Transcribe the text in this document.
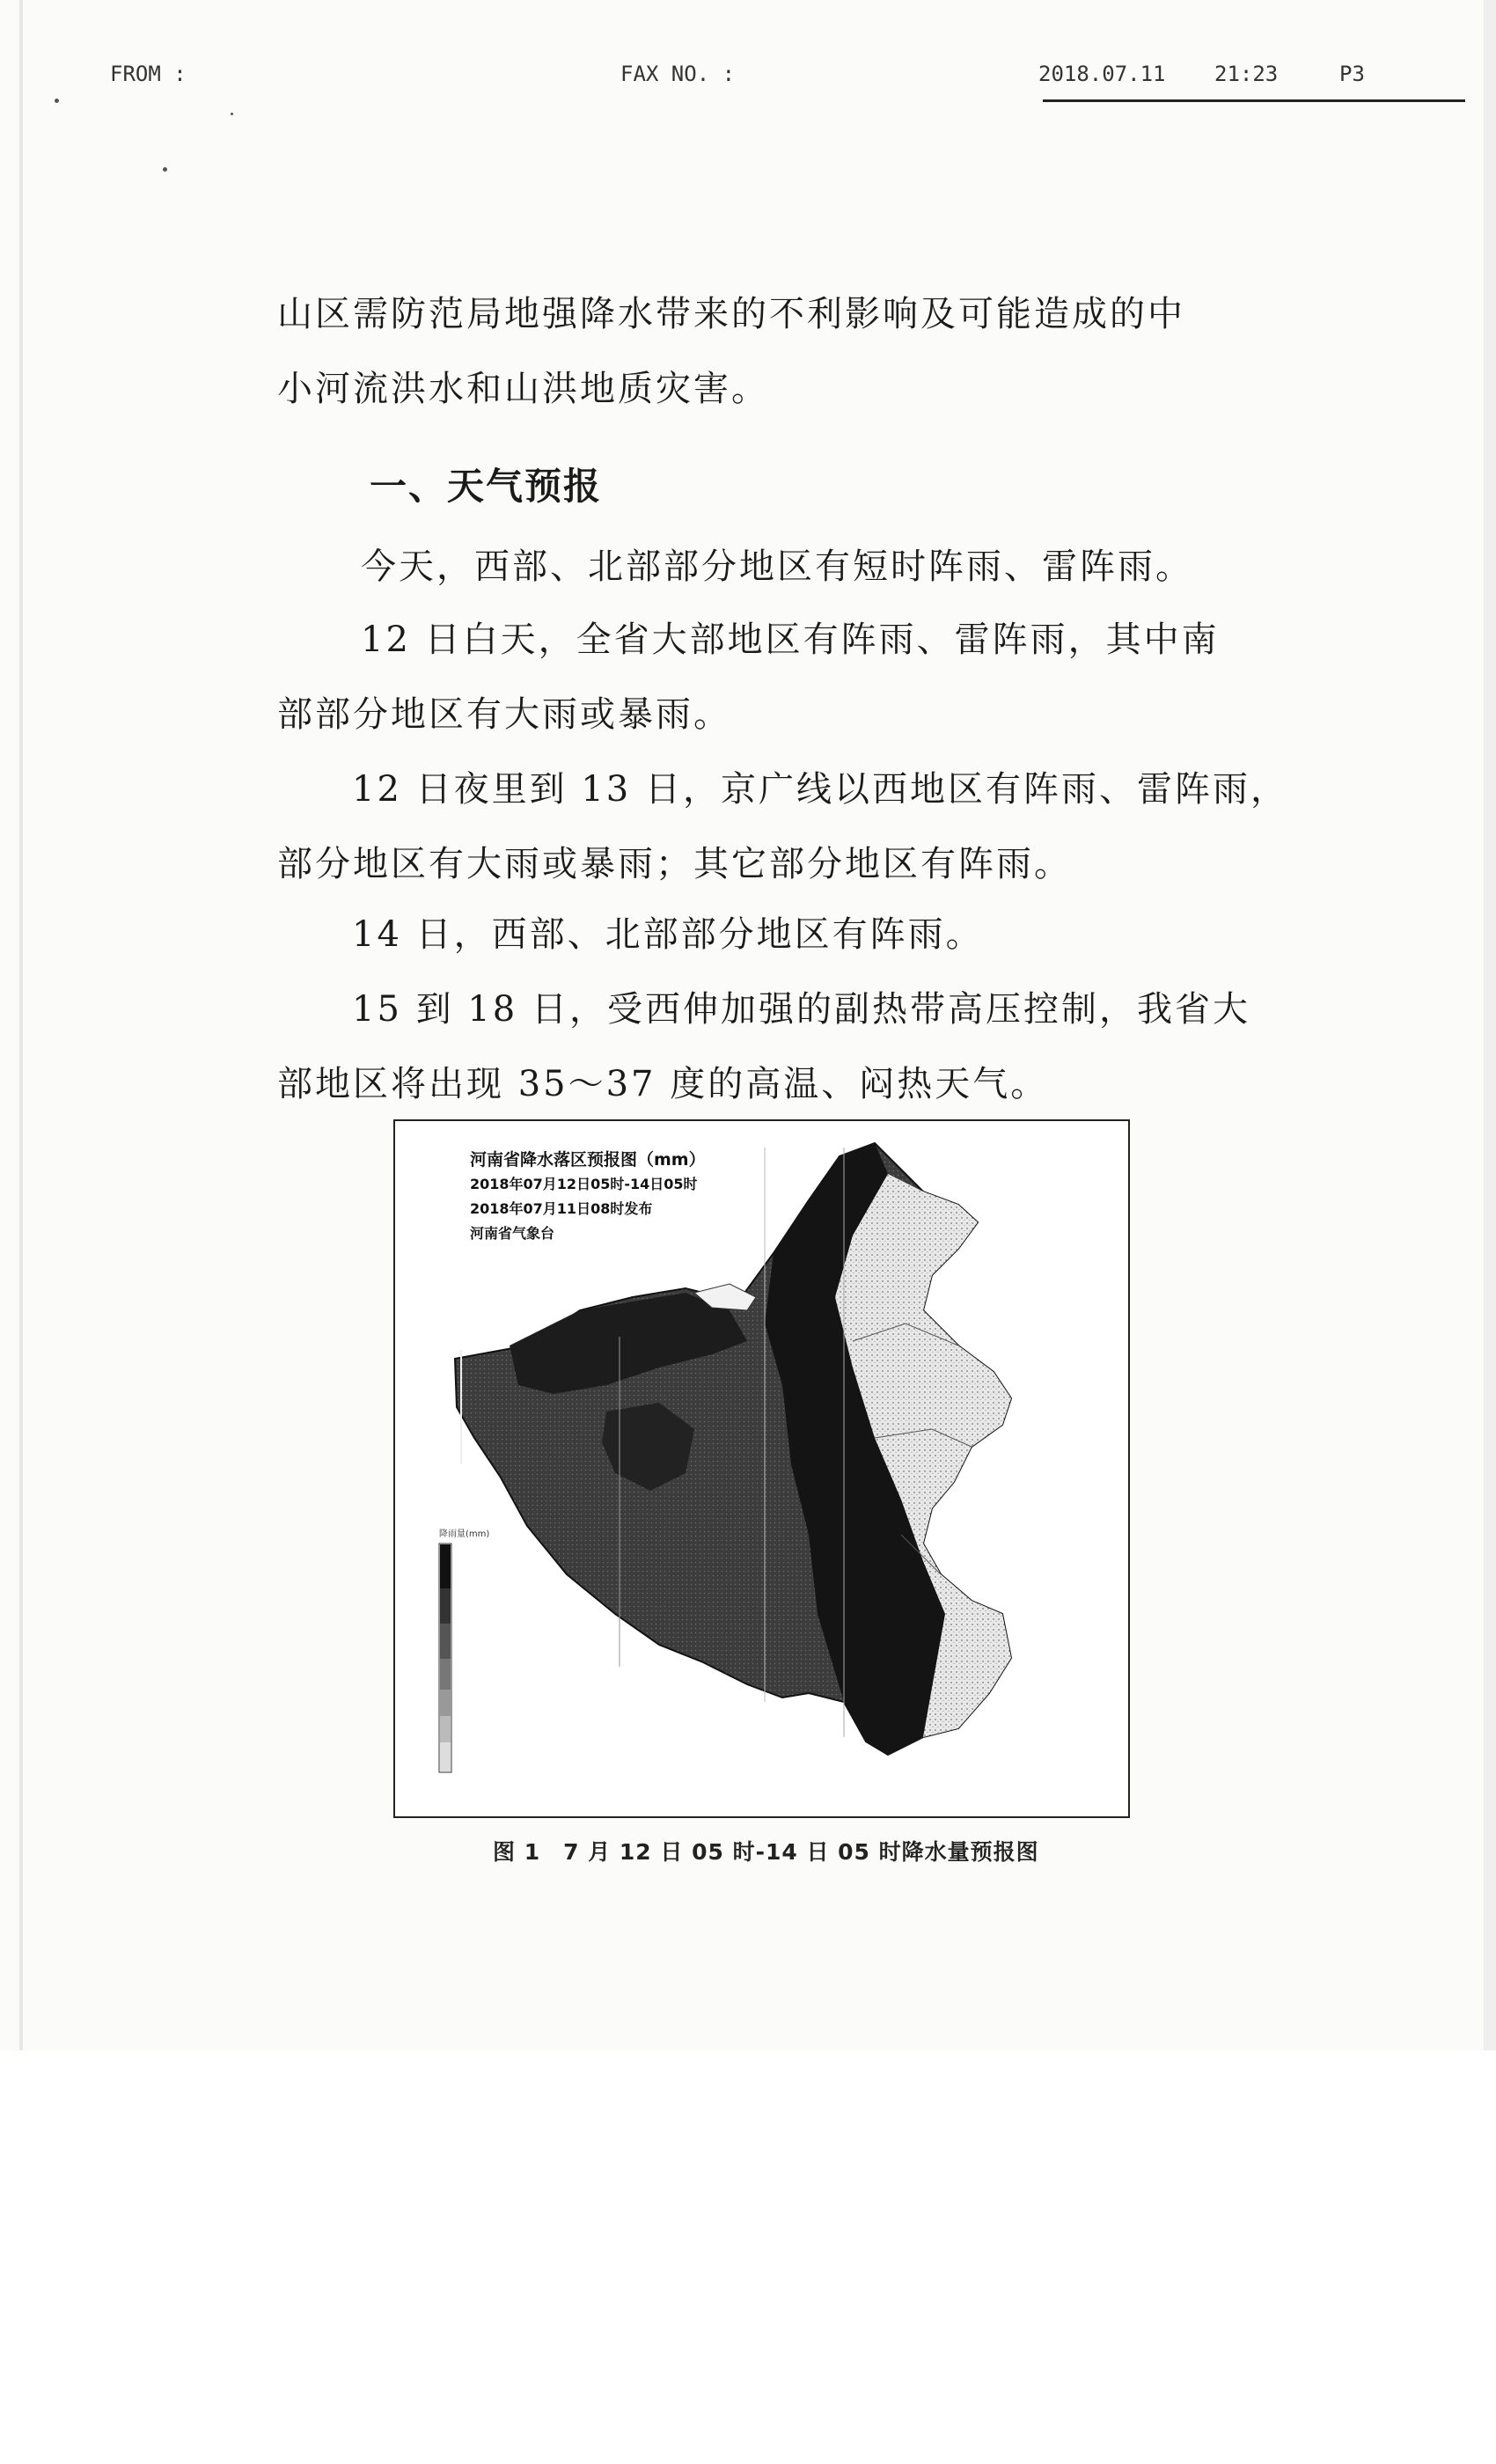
FROM :	FAX NO. :	2018.07.11 21:23	P3
山区需防范局地强降水带来的不利影响及可能造成的中
小河流洪水和山洪地质灾害。
一、天气预报
今天，西部、北部部分地区有短时阵雨、雷阵雨。
12 日白天，全省大部地区有阵雨、雷阵雨，其中南
部部分地区有大雨或暴雨。
12 日夜里到 13 日，京广线以西地区有阵雨、雷阵雨，
部分地区有大雨或暴雨；其它部分地区有阵雨。
14 日，西部、北部部分地区有阵雨。
15 到 18 日，受西伸加强的副热带高压控制，我省大
部地区将出现 35～37 度的高温、闷热天气。
河南省降水落区预报图（mm）
2018年07月12日05时-14日05时
2018年07月11日08时发布
河南省气象台
降雨量(mm)
图 1　7 月 12 日 05 时-14 日 05 时降水量预报图
